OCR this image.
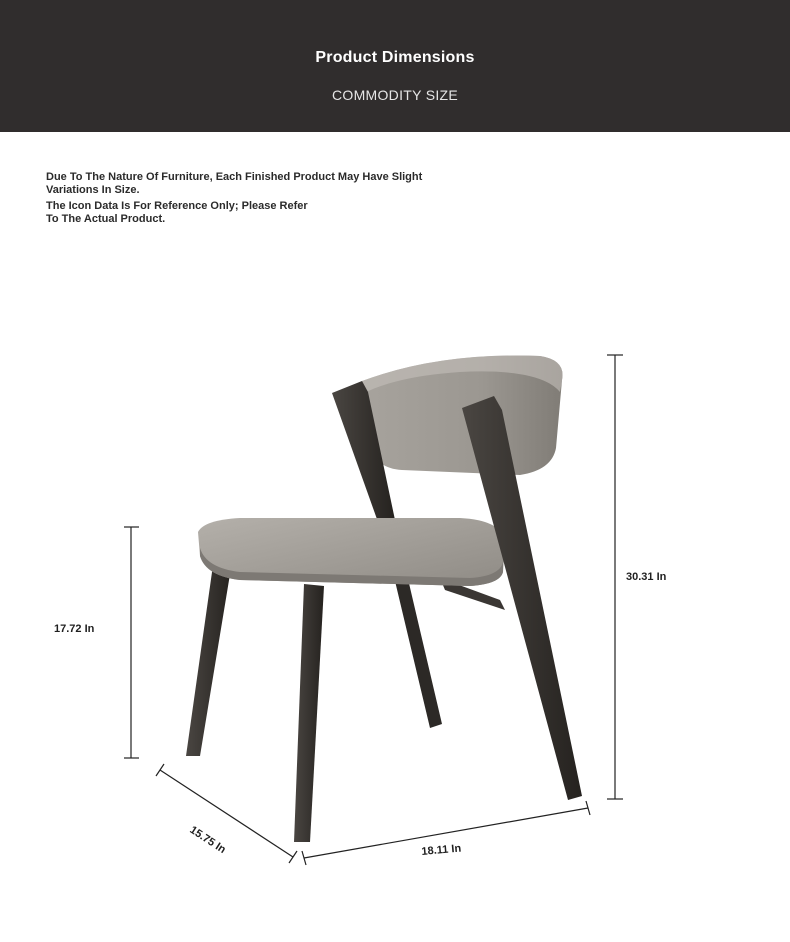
Product Dimensions
COMMODITY SIZE
Due To The Nature Of Furniture, Each Finished Product May Have Slight Variations In Size.
The Icon Data Is For Reference Only; Please Refer To The Actual Product.
17.72 In
30.31 In
15.75 In	18.11 In
